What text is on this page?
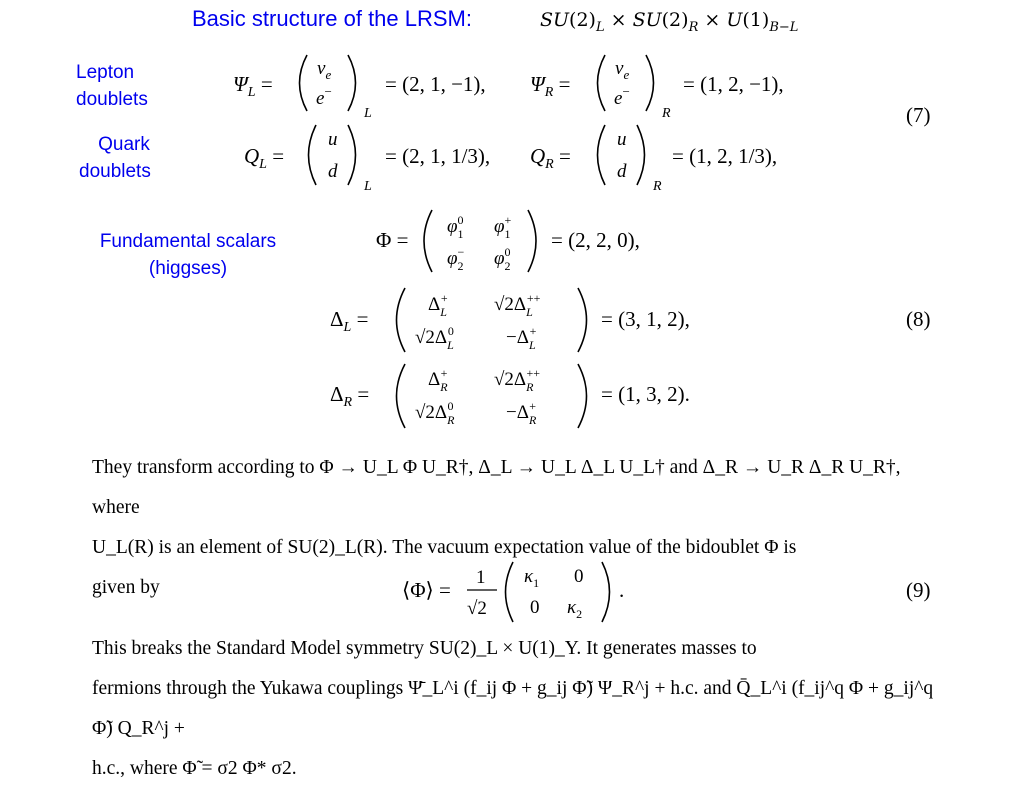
Basic structure of the LRSM:	$SU(2)_L \times SU(2)_R \times U(1)_{B-L}$
Lepton
doublets
Quark
doublets
Fundamental scalars
(higgses)
$\Psi_L$ =
$\nu_e$
e−
L
= (2, 1, −1), $\Psi_R$ =
$\nu_e$
e−
R
= (1, 2, −1),
(7)
$Q_L$ =
u
d
L
= (2, 1, 1/3), $Q_R$ =
u
d
R
= (1, 2, 1/3),
Φ =
$\varphi_10$ $\varphi_1+$
$\varphi_2- \varphi_20 = (2$, 2, 0),
$\Delta_L$ =
$\Delta_L+ √2\Delta_L++$
$√2\Delta_L0$	$-\Delta_L+$	= (3, 1, 2),	(8)
$\Delta_R$ =
$\Delta_R+ √2\Delta_R++$
$√2\Delta_R0$	$-\Delta_R+$	= (1, 3, 2).
⟨Φ⟩ =
1
√2
$\kappa_1$ 0
0 $\kappa_2$
.	(9)
They transform according to Φ → U_L Φ U_R†, Δ_L → U_L Δ_L U_L† and Δ_R → U_R Δ_R U_R†, where
U_L(R) is an element of SU(2)_L(R). The vacuum expectation value of the bidoublet Φ is
given by
This breaks the Standard Model symmetry SU(2)_L × U(1)_Y. It generates masses to
fermions through the Yukawa couplings Ψ̄_L^i (f_ij Φ + g_ij Φ̃) Ψ_R^j + h.c. and Q̄_L^i (f_ij^q Φ + g_ij^q Φ̃) Q_R^j +
h.c., where Φ̃ = σ2 Φ* σ2.
